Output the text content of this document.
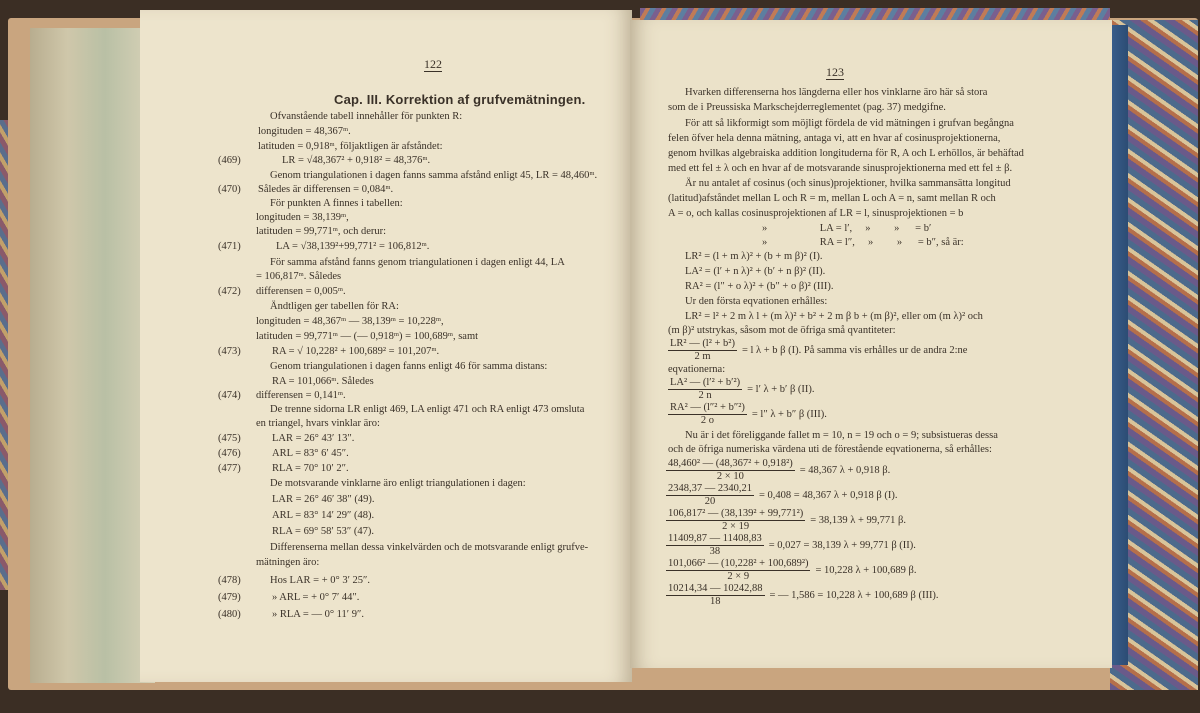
122
Cap. III. Korrektion af grufvemätningen.
Ofvanstående tabell innehåller för punkten R:
longituden = 48,367ᵐ.
latituden = 0,918ᵐ, följaktligen är afståndet:
(469)	LR = √48,367² + 0,918² = 48,376ᵐ.
Genom triangulationen i dagen fanns samma afstånd enligt 45, LR = 48,460ᵐ.
(470) Således är differensen = 0,084ᵐ.
För punkten A finnes i tabellen:
longituden = 38,139ᵐ,
latituden = 99,771ᵐ, och derur:
(471)	LA = √38,139²+99,771² = 106,812ᵐ.
För samma afstånd fanns genom triangulationen i dagen enligt 44, LA
= 106,817ᵐ. Således
(472) differensen = 0,005ᵐ.
Ändtligen ger tabellen för RA:
longituden = 48,367ᵐ — 38,139ᵐ = 10,228ᵐ,
latituden = 99,771ᵐ — (— 0,918ᵐ) = 100,689ᵐ, samt
(473)	RA = √ 10,228² + 100,689² = 101,207ᵐ.
Genom triangulationen i dagen fanns enligt 46 för samma distans:
RA = 101,066ᵐ. Således
(474) differensen = 0,141ᵐ.
De trenne sidorna LR enligt 469, LA enligt 471 och RA enligt 473 omsluta
en triangel, hvars vinklar äro:
(475)	LAR = 26° 43′ 13″.
(476)	ARL = 83° 6′ 45″.
(477)	RLA = 70° 10′ 2″.
De motsvarande vinklarne äro enligt triangulationen i dagen:
LAR = 26° 46′ 38″ (49).
ARL = 83° 14′ 29″ (48).
RLA = 69° 58′ 53″ (47).
Differenserna mellan dessa vinkelvärden och de motsvarande enligt grufve-
mätningen äro:
(478)	Hos LAR = + 0° 3′ 25″.
(479)	» ARL = + 0° 7′ 44″.
(480)	» RLA = — 0° 11′ 9″.
123
Hvarken differenserna hos längderna eller hos vinklarne äro här så stora
som de i Preussiska Markschejderreglementet (pag. 37) medgifne.
För att så likformigt som möjligt fördela de vid mätningen i grufvan begångna
felen öfver hela denna mätning, antaga vi, att en hvar af cosinusprojektionerna,
genom hvilkas algebraiska addition longituderna för R, A och L erhöllos, är behäftad
med ett fel ± λ och en hvar af de motsvarande sinusprojektionerna med ett fel ± β.
Är nu antalet af cosinus (och sinus)projektioner, hvilka sammansätta longitud
(latitud)afståndet mellan L och R = m, mellan L och A = n, samt mellan R och
A = o, och kallas cosinusprojektionen af LR = l, sinusprojektionen = b
»                    LA = l′,     »         »      = b′
»                    RA = l″,     »         »      = b″, så är:
LR² = (l + m λ)² + (b + m β)² (I).
LA² = (l′ + n λ)² + (b′ + n β)² (II).
RA² = (l″ + o λ)² + (b″ + o β)² (III).
Ur den första eqvationen erhålles:
LR² = l² + 2 m λ l + (m λ)² + b² + 2 m β b + (m β)², eller om (m λ)² och
(m β)² utstrykas, såsom mot de öfriga små qvantiteter:
$\frac{\text{LR² — (l² + b²)}}{2 m} = l$ λ + b β (I). På samma vis erhålles ur de andra 2:ne
eqvationerna:
$\frac{\text{LA² — (l′² + b′²)}}{2 n} = l'$ λ + b′ β (II).
$\frac{\text{RA² — (l″² + b″²)}}{2 o} = l''$ λ + b″ β (III).
Nu är i det föreliggande fallet m = 10, n = 19 och o = 9; subsistueras dessa
och de öfriga numeriska värdena uti de förestående eqvationerna, så erhålles:
$\frac{\text{48,460² — (48,367² + 0,918²)}}{2 \times 10} = 48,367$ λ + 0,918 β.
$\frac{2348,37 — 2340,21}{20} = 0,408 = 48,367$ λ + 0,918 β (I).
$\frac{\text{106,817² — (38,139² + 99,771²)}}{2 \times 19} = 38,139$ λ + 99,771 β.
$\frac{11409,87 — 11408,83}{38} = 0,027 = 38,139$ λ + 99,771 β (II).
$\frac{\text{101,066² — (10,228² + 100,689²)}}{2 \times 9} = 10,228$ λ + 100,689 β.
$\frac{10214,34 — 10242,88}{18}$ = — 1,586 = 10,228 λ + 100,689 β (III).
